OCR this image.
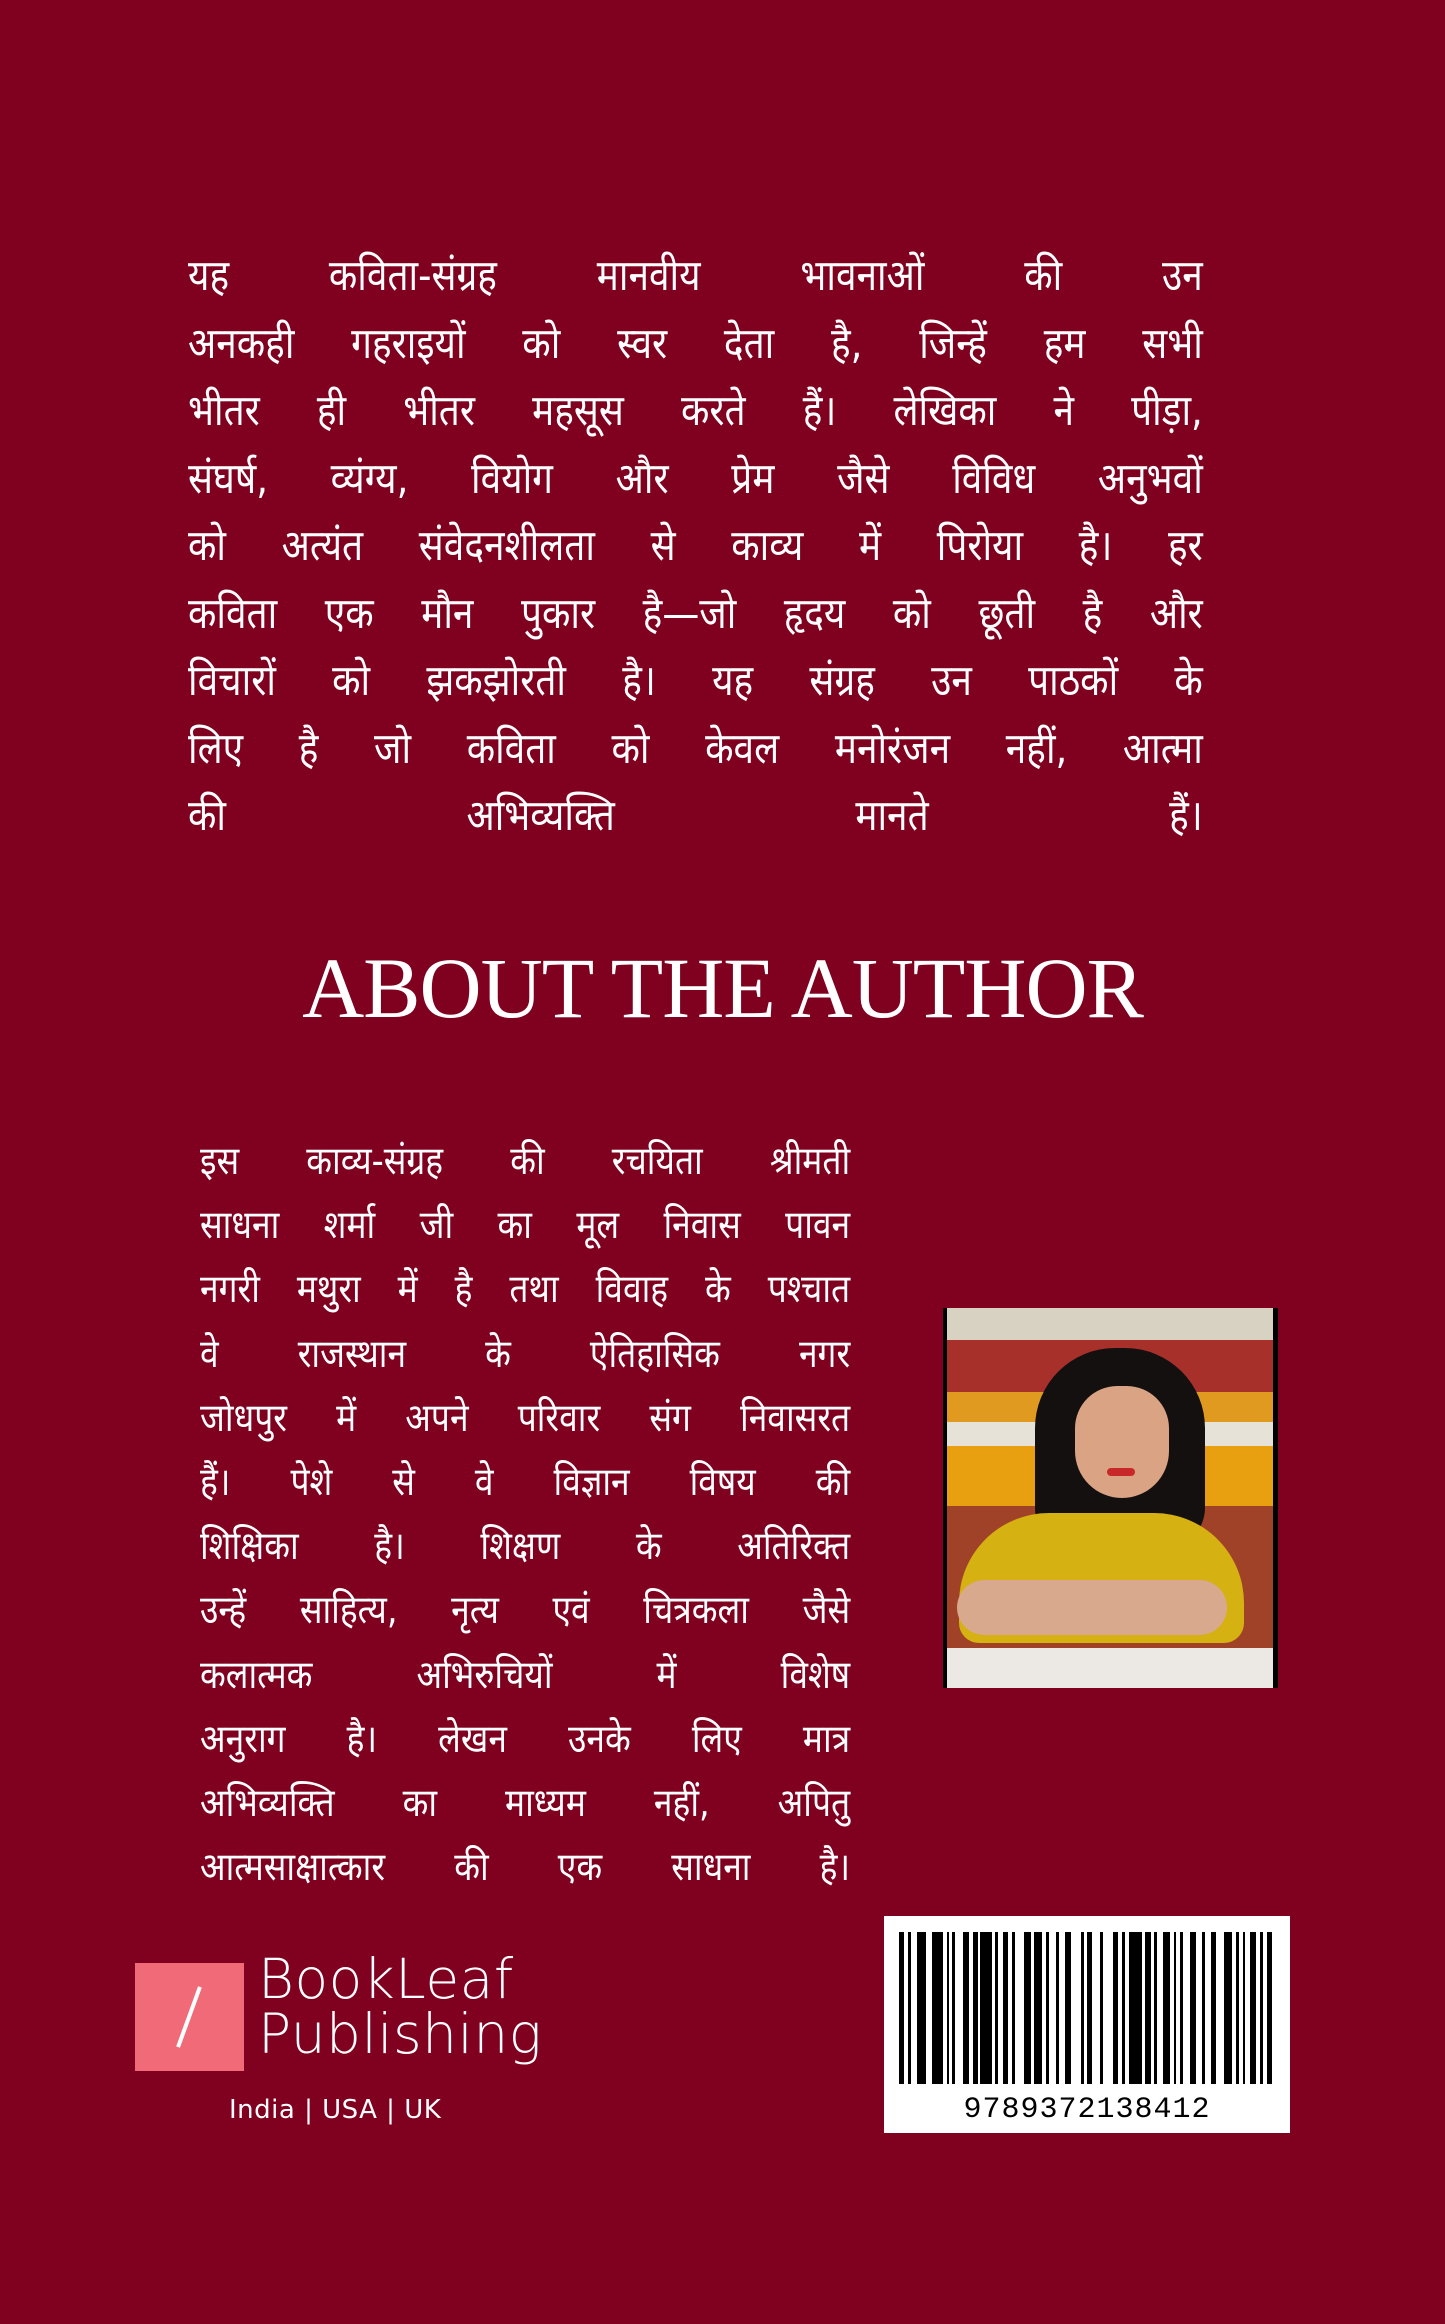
यह कविता-संग्रह मानवीय भावनाओं की उन
अनकही गहराइयों को स्वर देता है, जिन्हें हम सभी
भीतर ही भीतर महसूस करते हैं। लेखिका ने पीड़ा,
संघर्ष, व्यंग्य, वियोग और प्रेम जैसे विविध अनुभवों
को अत्यंत संवेदनशीलता से काव्य में पिरोया है। हर
कविता एक मौन पुकार है—जो हृदय को छूती है और
विचारों को झकझोरती है। यह संग्रह उन पाठकों के
लिए है जो कविता को केवल मनोरंजन नहीं, आत्मा
की अभिव्यक्ति मानते हैं।
ABOUT THE AUTHOR
इस काव्य-संग्रह की रचयिता श्रीमती
साधना शर्मा जी का मूल निवास पावन
नगरी मथुरा में है तथा विवाह के पश्चात
वे राजस्थान के ऐतिहासिक नगर
जोधपुर में अपने परिवार संग निवासरत
हैं। पेशे से वे विज्ञान विषय की
शिक्षिका है। शिक्षण के अतिरिक्त
उन्हें साहित्य, नृत्य एवं चित्रकला जैसे
कलात्मक अभिरुचियों में विशेष
अनुराग है। लेखन उनके लिए मात्र
अभिव्यक्ति का माध्यम नहीं, अपितु
आत्मसाक्षात्कार की एक साधना है।
BookLeaf
Publishing
India | USA | UK	9789372138412
